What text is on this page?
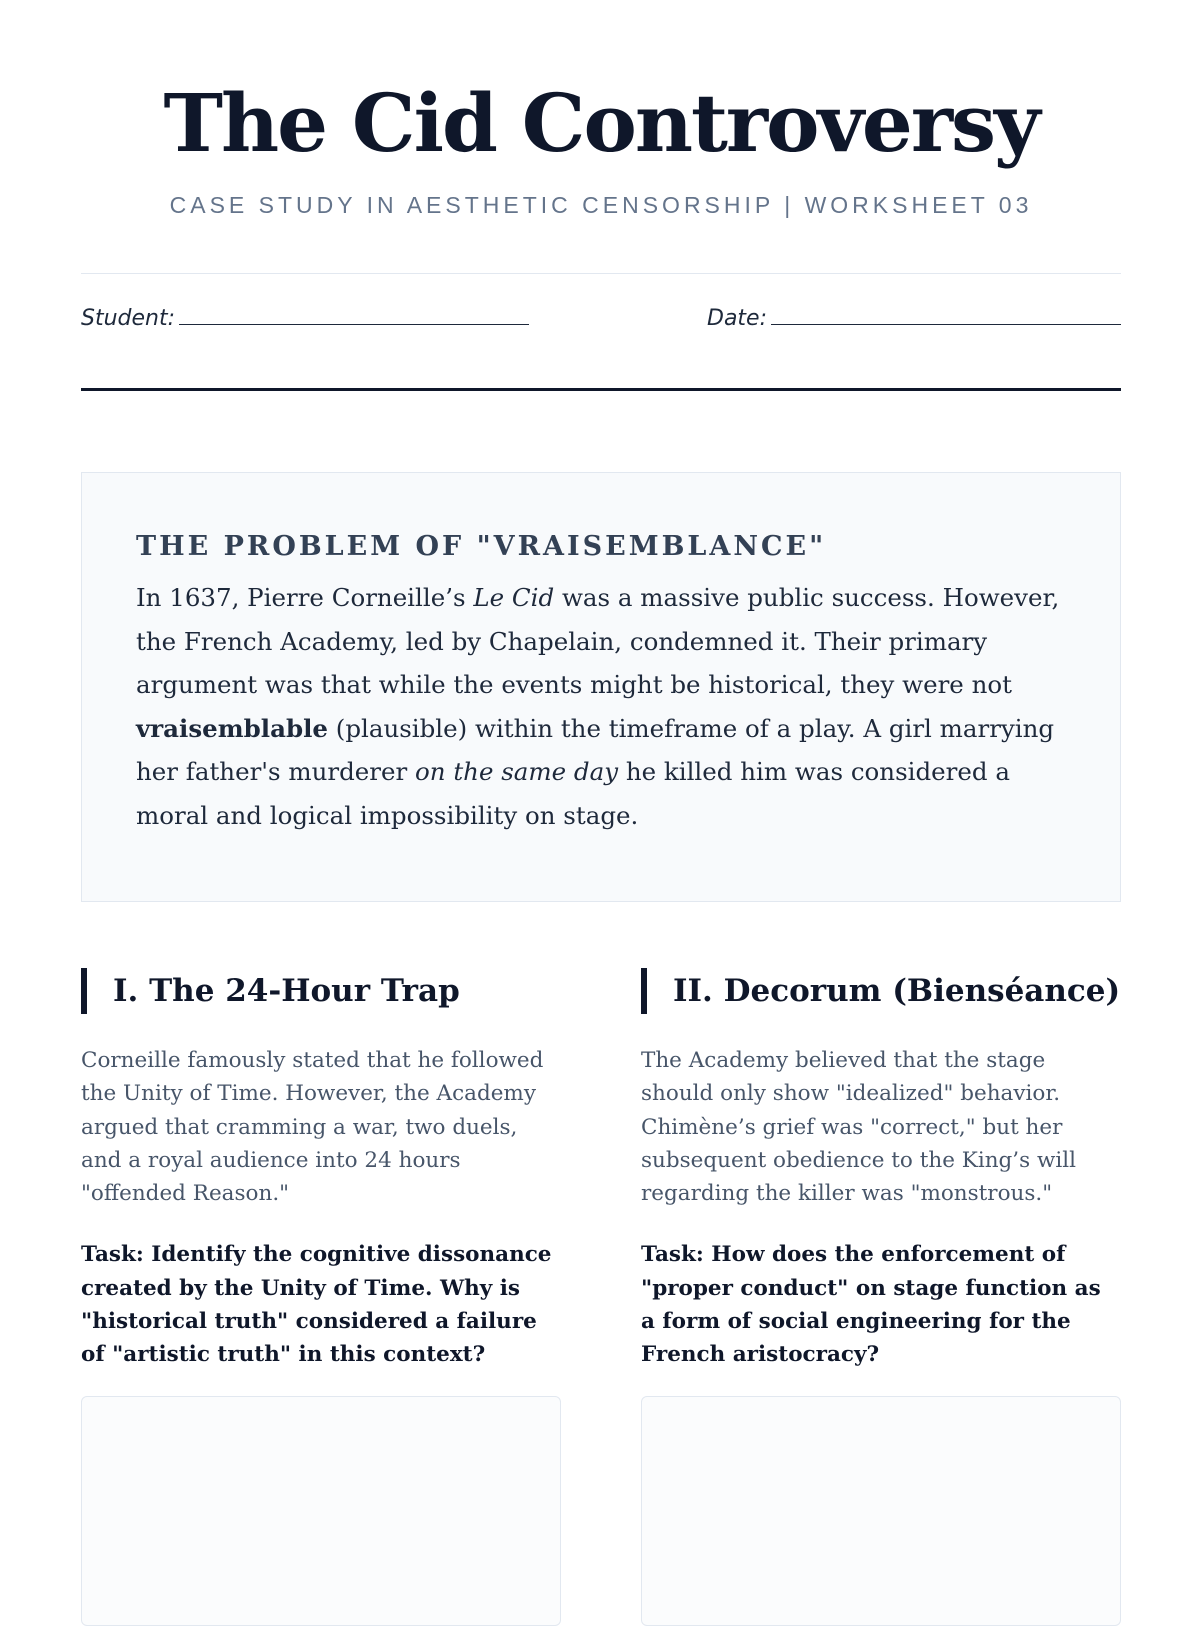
The Cid Controversy
CASE STUDY IN AESTHETIC CENSORSHIP | WORKSHEET 03
Student:	Date:
THE PROBLEM OF "VRAISEMBLANCE"
In 1637, Pierre Corneille’s Le Cid was a massive public success. However, the French Academy, led by Chapelain, condemned it. Their primary argument was that while the events might be historical, they were not vraisemblable (plausible) within the timeframe of a play. A girl marrying her father's murderer on the same day he killed him was considered a moral and logical impossibility on stage.
I. The 24-Hour Trap
Corneille famously stated that he followed the Unity of Time. However, the Academy argued that cramming a war, two duels, and a royal audience into 24 hours "offended Reason."
Task: Identify the cognitive dissonance created by the Unity of Time. Why is "historical truth" considered a failure of "artistic truth" in this context?
II. Decorum (Bienséance)
The Academy believed that the stage should only show "idealized" behavior. Chimène’s grief was "correct," but her subsequent obedience to the King’s will regarding the killer was "monstrous."
Task: How does the enforcement of "proper conduct" on stage function as a form of social engineering for the French aristocracy?
